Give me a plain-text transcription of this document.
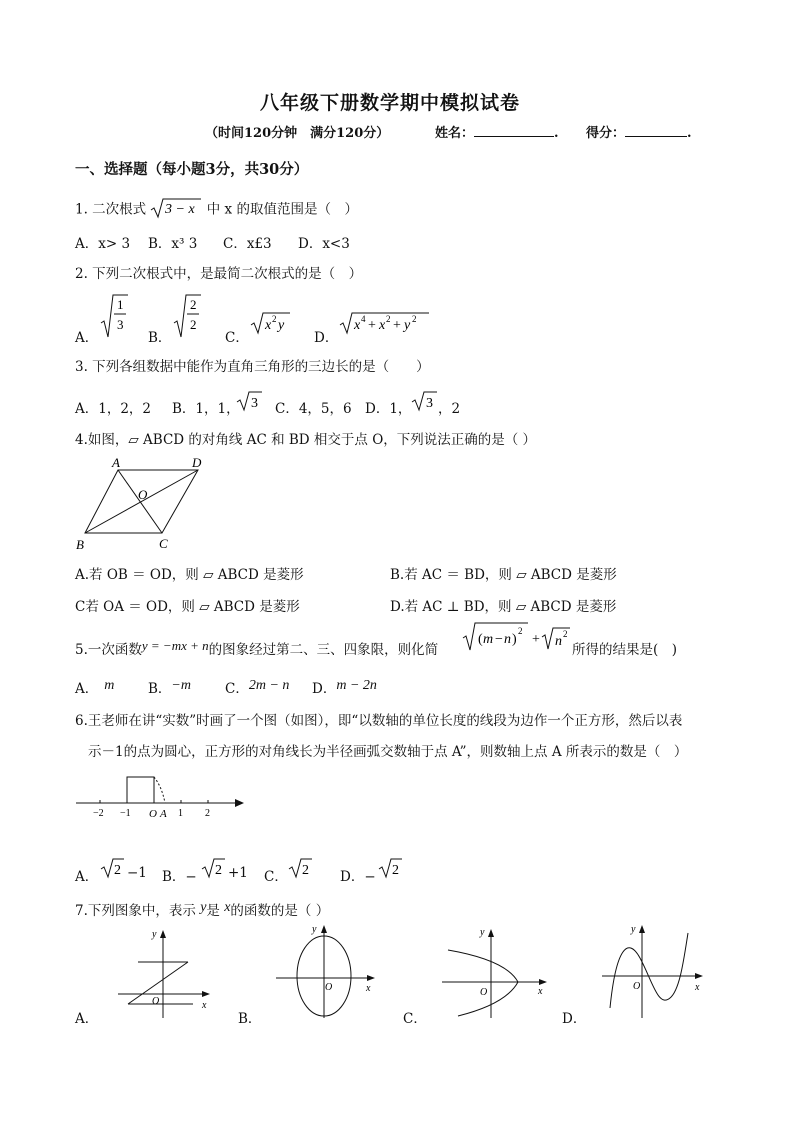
八年级下册数学期中模拟试卷
（时间120分钟　满分120分）	姓名：	. 得分：	.
一、选择题（每小题3分，共30分）
1. 二次根式 3 − x 中 x 的取值范围是（　）
A．x> 3 B．x³ 3 C．x£3 D．x<3
2. 下列二次根式中，是最简二次根式的是（　）
A．
1
3
B．
2
2
C．
x 2 y
D．
x 4 + x 2 + y 2
3. 下列各组数据中能作为直角三角形的三边长的是（　　）
A．1，2，2 B．1，1， 3 C．4，5，6 D．1， 3 ，2
4.如图，▱ ABCD 的对角线 AC 和 BD 相交于点 O，下列说法正确的是（ ）
A	D
O
B	C
A.若 OB ＝ OD，则 ▱ ABCD 是菱形	B.若 AC ＝ BD，则 ▱ ABCD 是菱形
C若 OA ＝ OD，则 ▱ ABCD 是菱形	D.若 AC ⊥ BD，则 ▱ ABCD 是菱形
5.一次函数y = −mx + n的图象经过第二、三、四象限，则化简
( m − n )
2
+ n 2
所得的结果是(　)
A． m B．−m	C．2m − n D．m − 2n
6.王老师在讲“实数”时画了一个图（如图），即“以数轴的单位长度的线段为边作一个正方形，然后以表
示－1的点为圆心，正方形的对角线长为半径画弧交数轴于点 A”，则数轴上点 A 所表示的数是（　）
−2 −1 O A 1 2
A． 2 −1 B．− 2 +1 C． 2 D．− 2
7.下列图象中，表示 y是 x的函数的是（ ）
y
x
O
A．
y
x
O
B．
y
x
O
C．
y
x
O
D．
